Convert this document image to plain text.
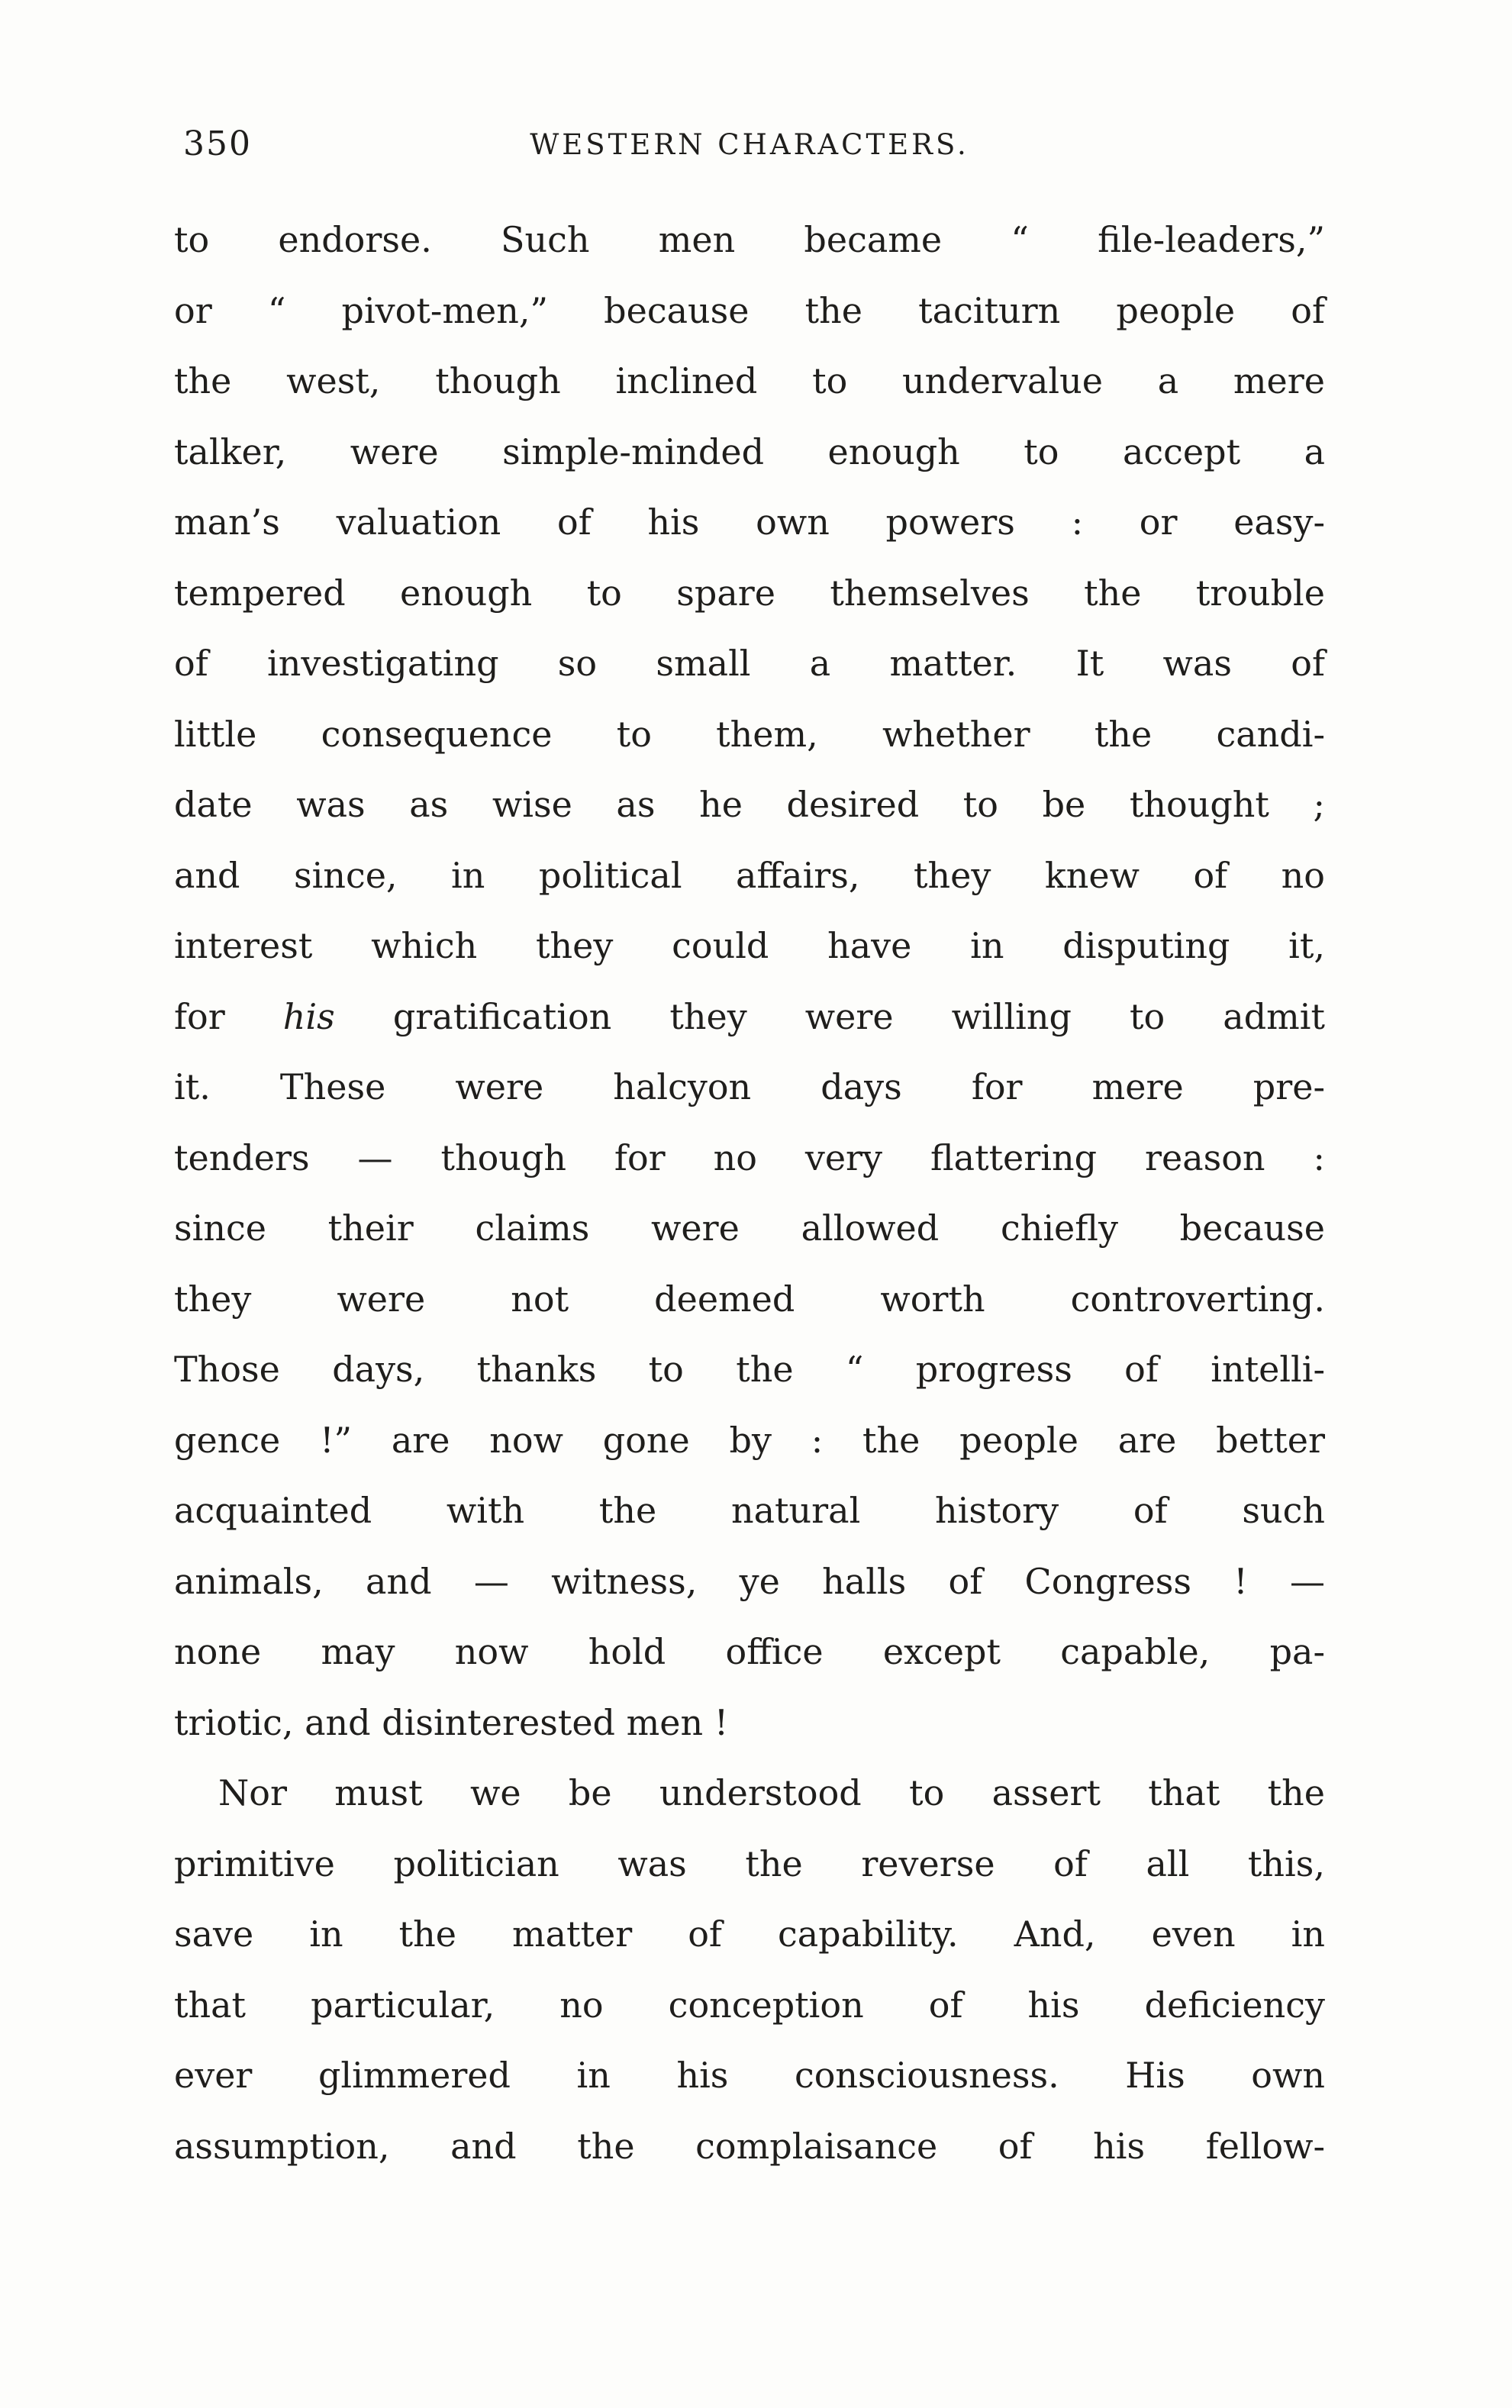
350	WESTERN CHARACTERS.
to endorse. Such men became “ file-leaders,”
or “ pivot-men,” because the taciturn people of
the west, though inclined to undervalue a mere
talker, were simple-minded enough to accept a
man’s valuation of his own powers : or easy-
tempered enough to spare themselves the trouble
of investigating so small a matter. It was of
little consequence to them, whether the candi-
date was as wise as he desired to be thought ;
and since, in political affairs, they knew of no
interest which they could have in disputing it,
for his gratification they were willing to admit
it. These were halcyon days for mere pre-
tenders — though for no very flattering reason :
since their claims were allowed chiefly because
they were not deemed worth controverting.
Those days, thanks to the “ progress of intelli-
gence !” are now gone by : the people are better
acquainted with the natural history of such
animals, and — witness, ye halls of Congress ! —
none may now hold office except capable, pa-
triotic, and disinterested men !
Nor must we be understood to assert that the
primitive politician was the reverse of all this,
save in the matter of capability. And, even in
that particular, no conception of his deficiency
ever glimmered in his consciousness. His own
assumption, and the complaisance of his fellow-
